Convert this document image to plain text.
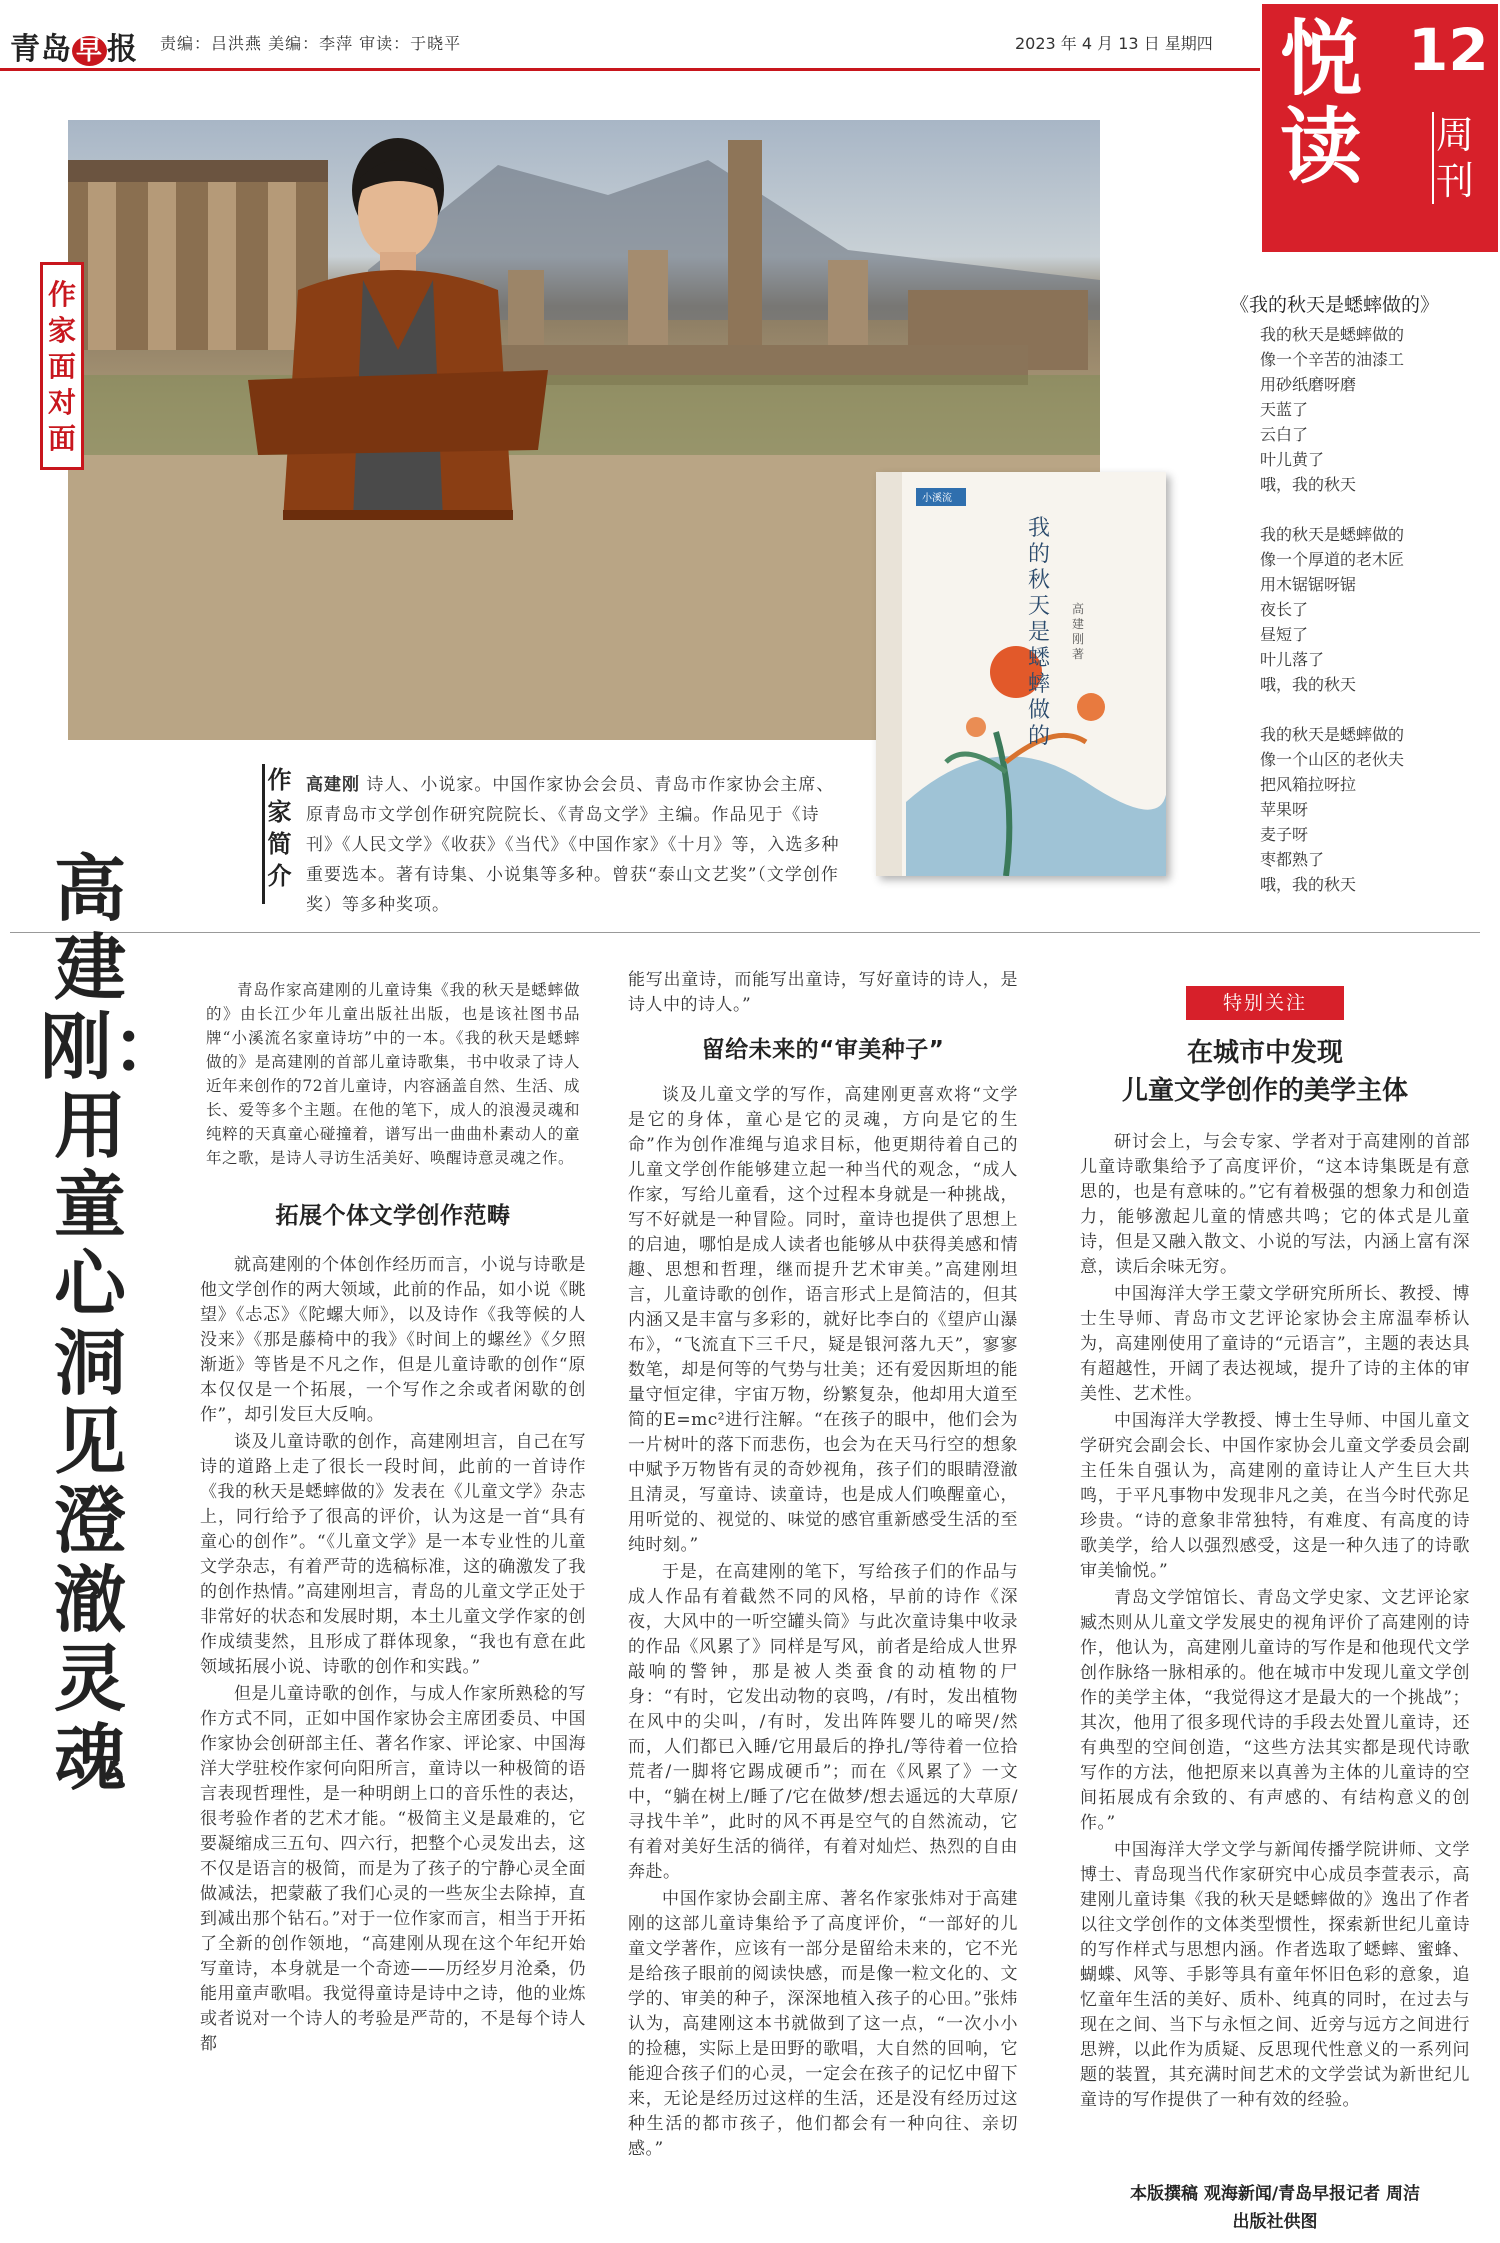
青岛 早 报 责编：吕洪燕 美编：李萍 审读：于晓平	2023 年 4 月 13 日 星期四 悦读
12
周刊
作家面对面
我的秋天是蟋蟀做的
小溪流
高建刚 著
作家简介
高建刚 诗人、小说家。中国作家协会会员、青岛市作家协会主席、原青岛市文学创作研究院院长、《青岛文学》主编。作品见于《诗刊》《人民文学》《收获》《当代》《中国作家》《十月》等，入选多种重要选本。著有诗集、小说集等多种。曾获“泰山文艺奖”（文学创作奖）等多种奖项。
《我的秋天是蟋蟀做的》
我的秋天是蟋蟀做的
像一个辛苦的油漆工
用砂纸磨呀磨
天蓝了
云白了
叶儿黄了
哦，我的秋天

我的秋天是蟋蟀做的
像一个厚道的老木匠
用木锯锯呀锯
夜长了
昼短了
叶儿落了
哦，我的秋天

我的秋天是蟋蟀做的
像一个山区的老伙夫
把风箱拉呀拉
苹果呀
麦子呀
枣都熟了
哦，我的秋天
高建刚：用童心洞见澄澈灵魂

青岛作家高建刚的儿童诗集《我的秋天是蟋蟀做的》由长江少年儿童出版社出版，也是该社图书品牌“小溪流名家童诗坊”中的一本。《我的秋天是蟋蟀做的》是高建刚的首部儿童诗歌集，书中收录了诗人近年来创作的72首儿童诗，内容涵盖自然、生活、成长、爱等多个主题。在他的笔下，成人的浪漫灵魂和纯粹的天真童心碰撞着，谱写出一曲曲朴素动人的童年之歌，是诗人寻访生活美好、唤醒诗意灵魂之作。

拓展个体文学创作范畴

就高建刚的个体创作经历而言，小说与诗歌是他文学创作的两大领域，此前的作品，如小说《眺望》《忐忑》《陀螺大师》，以及诗作《我等候的人没来》《那是藤椅中的我》《时间上的螺丝》《夕照渐逝》等皆是不凡之作，但是儿童诗歌的创作“原本仅仅是一个拓展，一个写作之余或者闲歇的创作”，却引发巨大反响。

谈及儿童诗歌的创作，高建刚坦言，自己在写诗的道路上走了很长一段时间，此前的一首诗作《我的秋天是蟋蟀做的》发表在《儿童文学》杂志上，同行给予了很高的评价，认为这是一首“具有童心的创作”。“《儿童文学》是一本专业性的儿童文学杂志，有着严苛的选稿标准，这的确激发了我的创作热情。”高建刚坦言，青岛的儿童文学正处于非常好的状态和发展时期，本土儿童文学作家的创作成绩斐然，且形成了群体现象，“我也有意在此领域拓展小说、诗歌的创作和实践。”

但是儿童诗歌的创作，与成人作家所熟稔的写作方式不同，正如中国作家协会主席团委员、中国作家协会创研部主任、著名作家、评论家、中国海洋大学驻校作家何向阳所言，童诗以一种极简的语言表现哲理性，是一种明朗上口的音乐性的表达，很考验作者的艺术才能。“极简主义是最难的，它要凝缩成三五句、四六行，把整个心灵发出去，这不仅是语言的极简，而是为了孩子的宁静心灵全面做减法，把蒙蔽了我们心灵的一些灰尘去除掉，直到减出那个钻石。”对于一位作家而言，相当于开拓了全新的创作领地，“高建刚从现在这个年纪开始写童诗，本身就是一个奇迹——历经岁月沧桑，仍能用童声歌唱。我觉得童诗是诗中之诗，他的业炼或者说对一个诗人的考验是严苛的，不是每个诗人都

能写出童诗，而能写出童诗，写好童诗的诗人，是诗人中的诗人。”

留给未来的“审美种子”

谈及儿童文学的写作，高建刚更喜欢将“文学是它的身体，童心是它的灵魂，方向是它的生命”作为创作准绳与追求目标，他更期待着自己的儿童文学创作能够建立起一种当代的观念，“成人作家，写给儿童看，这个过程本身就是一种挑战，写不好就是一种冒险。同时，童诗也提供了思想上的启迪，哪怕是成人读者也能够从中获得美感和情趣、思想和哲理，继而提升艺术审美。”高建刚坦言，儿童诗歌的创作，语言形式上是简洁的，但其内涵又是丰富与多彩的，就好比李白的《望庐山瀑布》，“飞流直下三千尺，疑是银河落九天”，寥寥数笔，却是何等的气势与壮美；还有爱因斯坦的能量守恒定律，宇宙万物，纷繁复杂，他却用大道至简的E=mc²进行注解。“在孩子的眼中，他们会为一片树叶的落下而悲伤，也会为在天马行空的想象中赋予万物皆有灵的奇妙视角，孩子们的眼睛澄澈且清灵，写童诗、读童诗，也是成人们唤醒童心，用听觉的、视觉的、味觉的感官重新感受生活的至纯时刻。”

于是，在高建刚的笔下，写给孩子们的作品与成人作品有着截然不同的风格，早前的诗作《深夜，大风中的一听空罐头筒》与此次童诗集中收录的作品《风累了》同样是写风，前者是给成人世界敲响的警钟，那是被人类蚕食的动植物的尸身：“有时，它发出动物的哀鸣，/有时，发出植物在风中的尖叫，/有时，发出阵阵婴儿的啼哭/然而，人们都已入睡/它用最后的挣扎/等待着一位拾荒者/一脚将它踢成硬币”；而在《风累了》一文中，“躺在树上/睡了/它在做梦/想去遥远的大草原/寻找牛羊”，此时的风不再是空气的自然流动，它有着对美好生活的徜徉，有着对灿烂、热烈的自由奔赴。

中国作家协会副主席、著名作家张炜对于高建刚的这部儿童诗集给予了高度评价，“一部好的儿童文学著作，应该有一部分是留给未来的，它不光是给孩子眼前的阅读快感，而是像一粒文化的、文学的、审美的种子，深深地植入孩子的心田。”张炜认为，高建刚这本书就做到了这一点，“一次小小的捡穗，实际上是田野的歌唱，大自然的回响，它能迎合孩子们的心灵，一定会在孩子的记忆中留下来，无论是经历过这样的生活，还是没有经历过这种生活的都市孩子，他们都会有一种向往、亲切感。”

特别关注
在城市中发现
儿童文学创作的美学主体

研讨会上，与会专家、学者对于高建刚的首部儿童诗歌集给予了高度评价，“这本诗集既是有意思的，也是有意味的。”它有着极强的想象力和创造力，能够激起儿童的情感共鸣；它的体式是儿童诗，但是又融入散文、小说的写法，内涵上富有深意，读后余味无穷。

中国海洋大学王蒙文学研究所所长、教授、博士生导师、青岛市文艺评论家协会主席温奉桥认为，高建刚使用了童诗的“元语言”，主题的表达具有超越性，开阔了表达视域，提升了诗的主体的审美性、艺术性。

中国海洋大学教授、博士生导师、中国儿童文学研究会副会长、中国作家协会儿童文学委员会副主任朱自强认为，高建刚的童诗让人产生巨大共鸣，于平凡事物中发现非凡之美，在当今时代弥足珍贵。“诗的意象非常独特，有难度、有高度的诗歌美学，给人以强烈感受，这是一种久违了的诗歌审美愉悦。”

青岛文学馆馆长、青岛文学史家、文艺评论家臧杰则从儿童文学发展史的视角评价了高建刚的诗作，他认为，高建刚儿童诗的写作是和他现代文学创作脉络一脉相承的。他在城市中发现儿童文学创作的美学主体，“我觉得这才是最大的一个挑战”；其次，他用了很多现代诗的手段去处置儿童诗，还有典型的空间创造，“这些方法其实都是现代诗歌写作的方法，他把原来以真善为主体的儿童诗的空间拓展成有余致的、有声感的、有结构意义的创作。”

中国海洋大学文学与新闻传播学院讲师、文学博士、青岛现当代作家研究中心成员李萱表示，高建刚儿童诗集《我的秋天是蟋蟀做的》逸出了作者以往文学创作的文体类型惯性，探索新世纪儿童诗的写作样式与思想内涵。作者选取了蟋蟀、蜜蜂、蝴蝶、风等、手影等具有童年怀旧色彩的意象，追忆童年生活的美好、质朴、纯真的同时，在过去与现在之间、当下与永恒之间、近旁与远方之间进行思辨，以此作为质疑、反思现代性意义的一系列问题的装置，其充满时间艺术的文学尝试为新世纪儿童诗的写作提供了一种有效的经验。

本版撰稿 观海新闻/青岛早报记者 周洁
出版社供图
